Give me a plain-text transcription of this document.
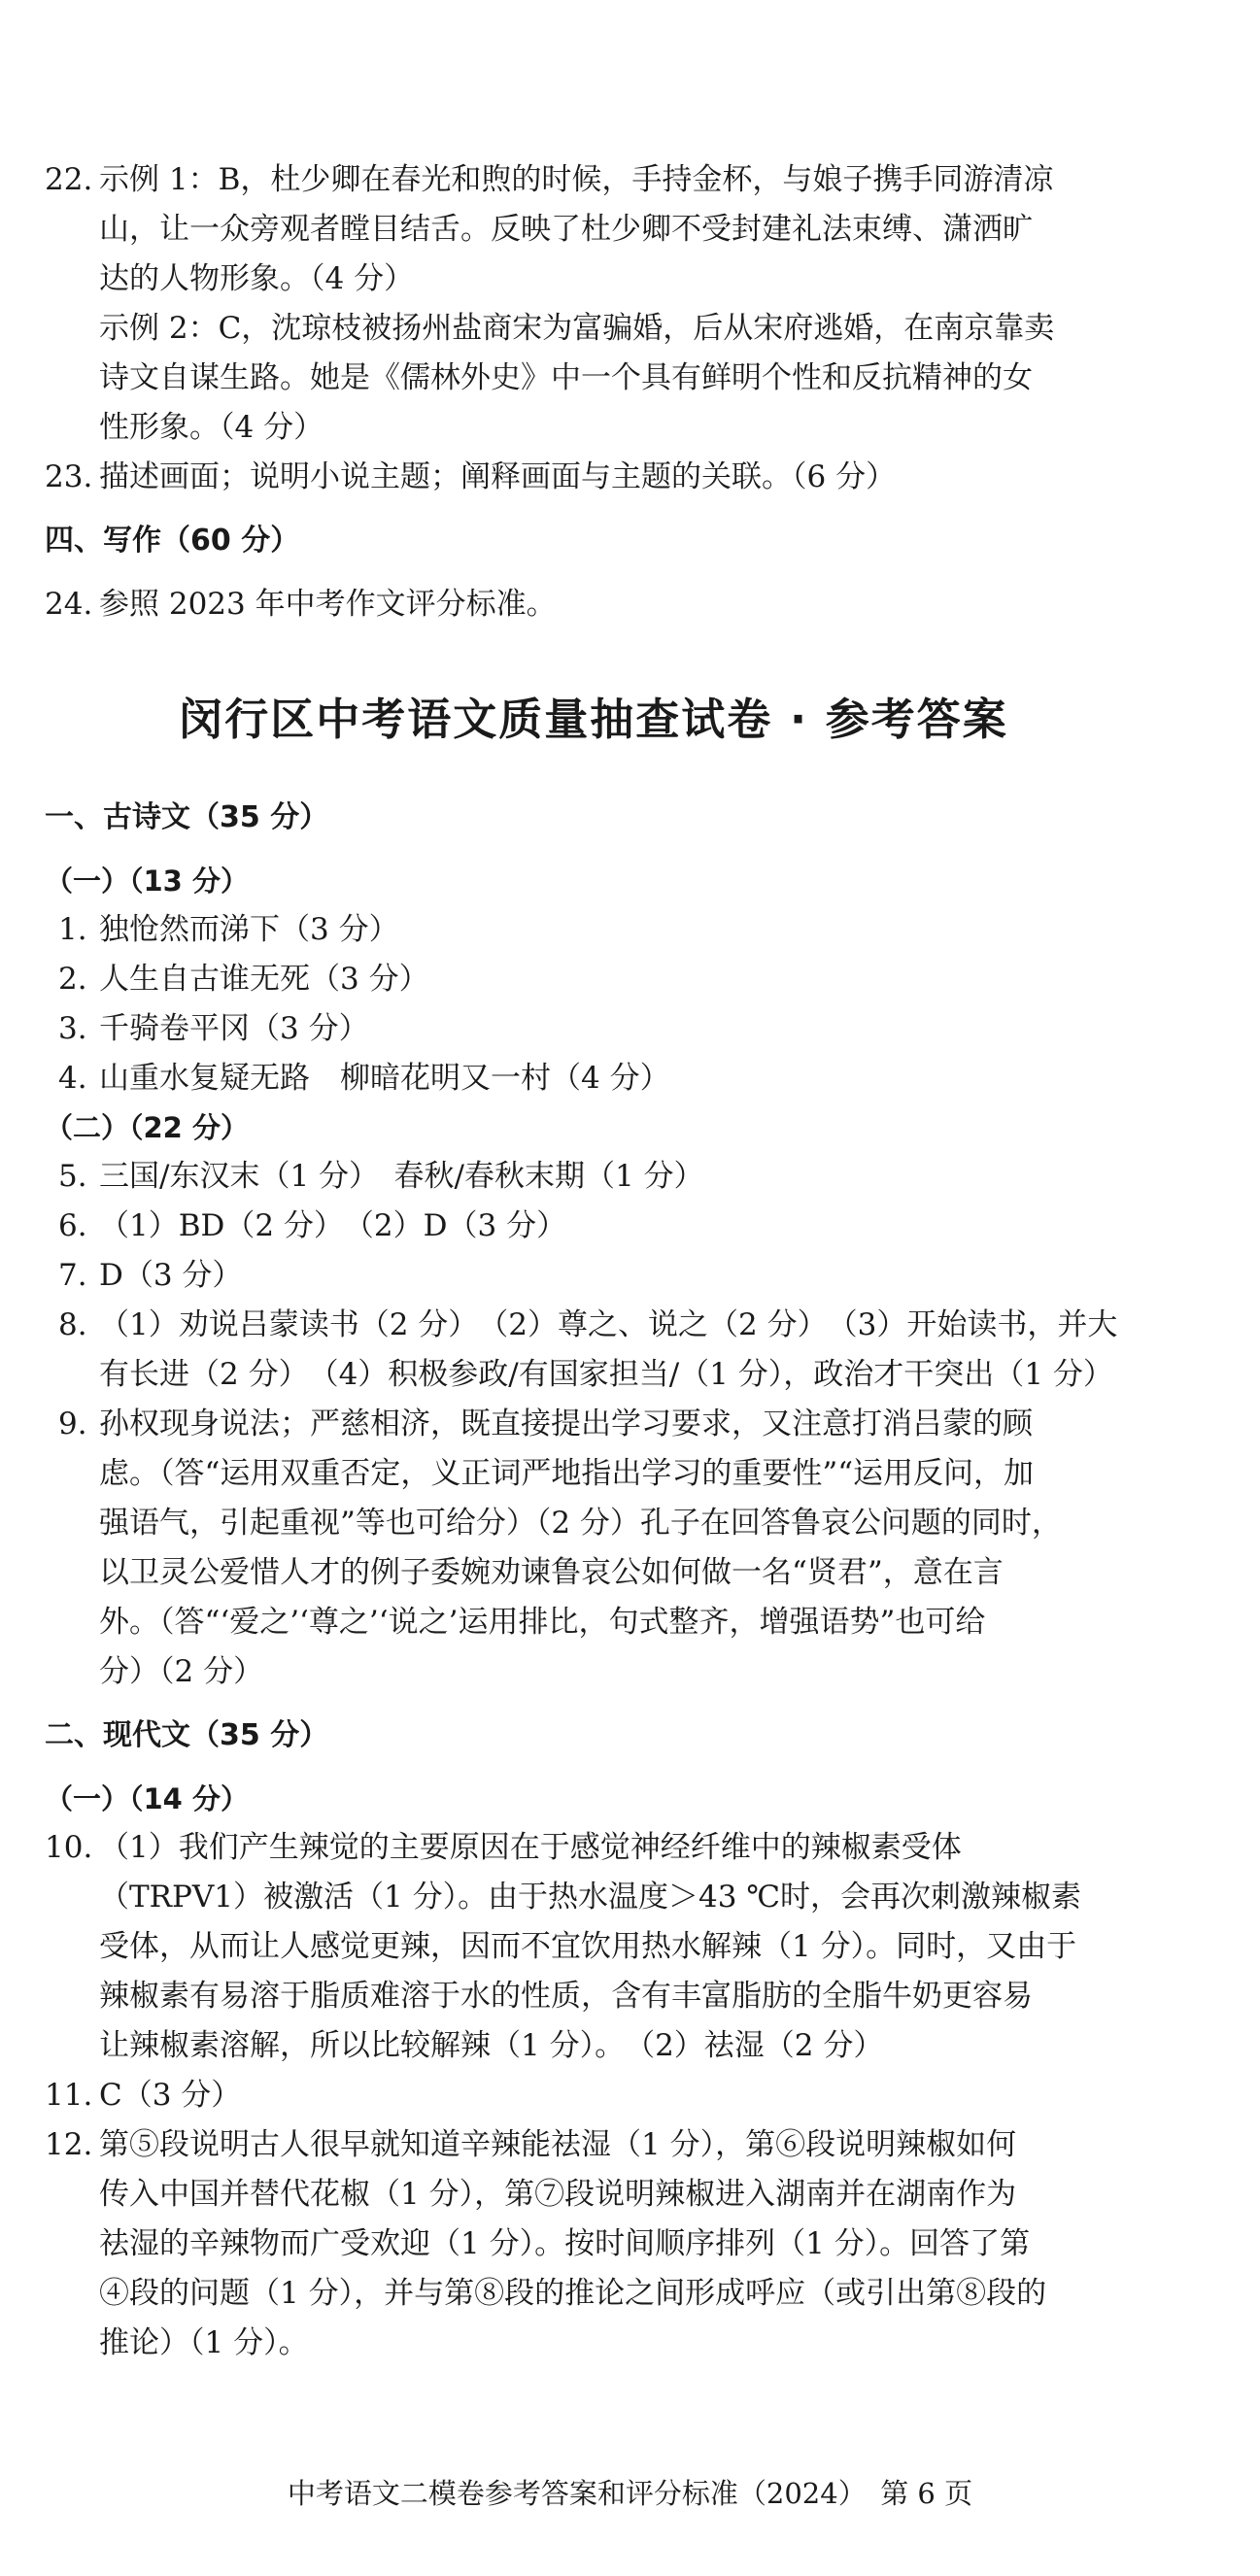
22. 示例 1：B，杜少卿在春光和煦的时候，手持金杯，与娘子携手同游清凉

山，让一众旁观者瞠目结舌。反映了杜少卿不受封建礼法束缚、潇洒旷

达的人物形象。（4 分）

示例 2：C，沈琼枝被扬州盐商宋为富骗婚，后从宋府逃婚，在南京靠卖

诗文自谋生路。她是《儒林外史》中一个具有鲜明个性和反抗精神的女

性形象。（4 分）

23. 描述画面；说明小说主题；阐释画面与主题的关联。（6 分）

四、写作（60 分）

24. 参照 2023 年中考作文评分标准。

闵行区中考语文质量抽查试卷 · 参考答案

一、古诗文（35 分）

（一）（13 分）

1. 独怆然而涕下（3 分）

2. 人生自古谁无死（3 分）

3. 千骑卷平冈（3 分）

4. 山重水复疑无路　柳暗花明又一村（4 分）

（二）（22 分）

5. 三国/东汉末（1 分）　春秋/春秋末期（1 分）

6. （1）BD（2 分）　（2）D（3 分）

7. D（3 分）

8. （1）劝说吕蒙读书（2 分）　（2）尊之、说之（2 分）　（3）开始读书，并大

有长进（2 分）　（4）积极参政/有国家担当/（1 分），政治才干突出（1 分）

9. 孙权现身说法；严慈相济，既直接提出学习要求，又注意打消吕蒙的顾

虑。（答“运用双重否定，义正词严地指出学习的重要性”“运用反问，加

强语气，引起重视”等也可给分）（2 分）孔子在回答鲁哀公问题的同时，

以卫灵公爱惜人才的例子委婉劝谏鲁哀公如何做一名“贤君”，意在言

外。（答“‘爱之’‘尊之’‘说之’运用排比，句式整齐，增强语势”也可给

分）（2 分）

二、现代文（35 分）

（一）（14 分）

10. （1）我们产生辣觉的主要原因在于感觉神经纤维中的辣椒素受体

（TRPV1）被激活（1 分）。由于热水温度＞43 ℃时，会再次刺激辣椒素

受体，从而让人感觉更辣，因而不宜饮用热水解辣（1 分）。同时，又由于

辣椒素有易溶于脂质难溶于水的性质，含有丰富脂肪的全脂牛奶更容易

让辣椒素溶解，所以比较解辣（1 分）。　（2）祛湿（2 分）

11. C（3 分）

12. 第⑤段说明古人很早就知道辛辣能祛湿（1 分），第⑥段说明辣椒如何

传入中国并替代花椒（1 分），第⑦段说明辣椒进入湖南并在湖南作为

祛湿的辛辣物而广受欢迎（1 分）。按时间顺序排列（1 分）。回答了第

④段的问题（1 分），并与第⑧段的推论之间形成呼应（或引出第⑧段的

推论）（1 分）。

中考语文二模卷参考答案和评分标准（2024）　第 6 页
